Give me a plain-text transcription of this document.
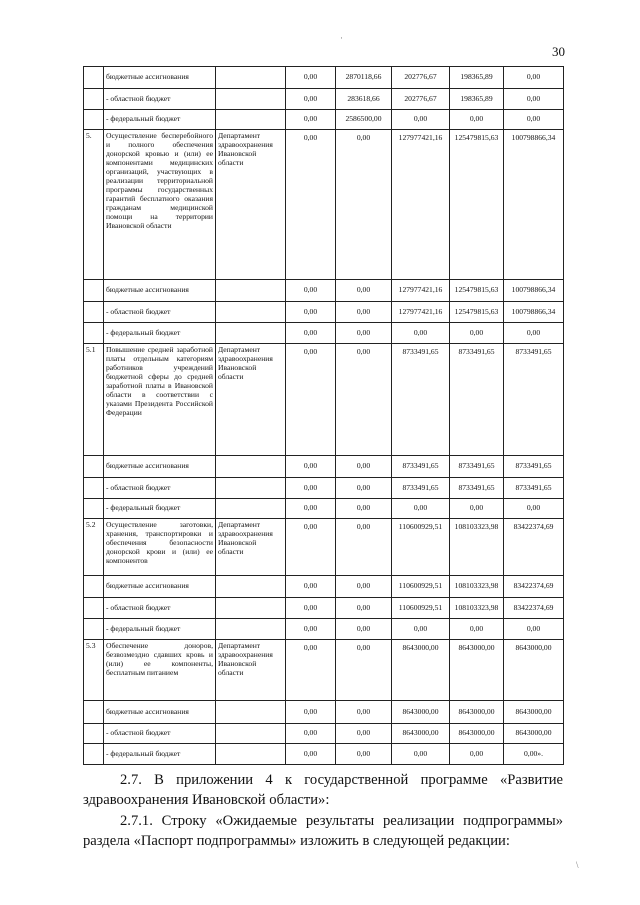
30
	бюджетные ассигнования		0,00	2870118,66	202776,67	198365,89	0,00
	- областной бюджет		0,00	283618,66	202776,67	198365,89	0,00
	- федеральный бюджет		0,00	2586500,00	0,00	0,00	0,00
5.	Осуществление бесперебойного и полного обеспечения донорской кровью и (или) ее компонентами медицинских организаций, участвующих в реализации территориальной программы государственных гарантий бесплатного оказания гражданам медицинской помощи на территории Ивановской области	Департамент здравоохранения Ивановской области	0,00	0,00	127977421,16	125479815,63	100798866,34
	бюджетные ассигнования		0,00	0,00	127977421,16	125479815,63	100798866,34
	- областной бюджет		0,00	0,00	127977421,16	125479815,63	100798866,34
	- федеральный бюджет		0,00	0,00	0,00	0,00	0,00
5.1	Повышение средней заработной платы отдельным категориям работников учреждений бюджетной сферы до средней заработной платы в Ивановской области в соответствии с указами Президента Российской Федерации	Департамент здравоохранения Ивановской области	0,00	0,00	8733491,65	8733491,65	8733491,65
	бюджетные ассигнования		0,00	0,00	8733491,65	8733491,65	8733491,65
	- областной бюджет		0,00	0,00	8733491,65	8733491,65	8733491,65
	- федеральный бюджет		0,00	0,00	0,00	0,00	0,00
5.2	Осуществление заготовки, хранения, транспортировки и обеспечения безопасности донорской крови и (или) ее компонентов	Департамент здравоохранения Ивановской области	0,00	0,00	110600929,51	108103323,98	83422374,69
	бюджетные ассигнования		0,00	0,00	110600929,51	108103323,98	83422374,69
	- областной бюджет		0,00	0,00	110600929,51	108103323,98	83422374,69
	- федеральный бюджет		0,00	0,00	0,00	0,00	0,00
5.3	Обеспечение доноров, безвозмездно сдавших кровь и (или) ее компоненты, бесплатным питанием	Департамент здравоохранения Ивановской области	0,00	0,00	8643000,00	8643000,00	8643000,00
	бюджетные ассигнования		0,00	0,00	8643000,00	8643000,00	8643000,00
	- областной бюджет		0,00	0,00	8643000,00	8643000,00	8643000,00
	- федеральный бюджет		0,00	0,00	0,00	0,00	0,00».

2.7. В приложении 4 к государственной программе «Развитие здравоохранения Ивановской области»:

2.7.1. Строку «Ожидаемые результаты реализации подпрограммы» раздела «Паспорт подпрограммы» изложить в следующей редакции:

·
\
